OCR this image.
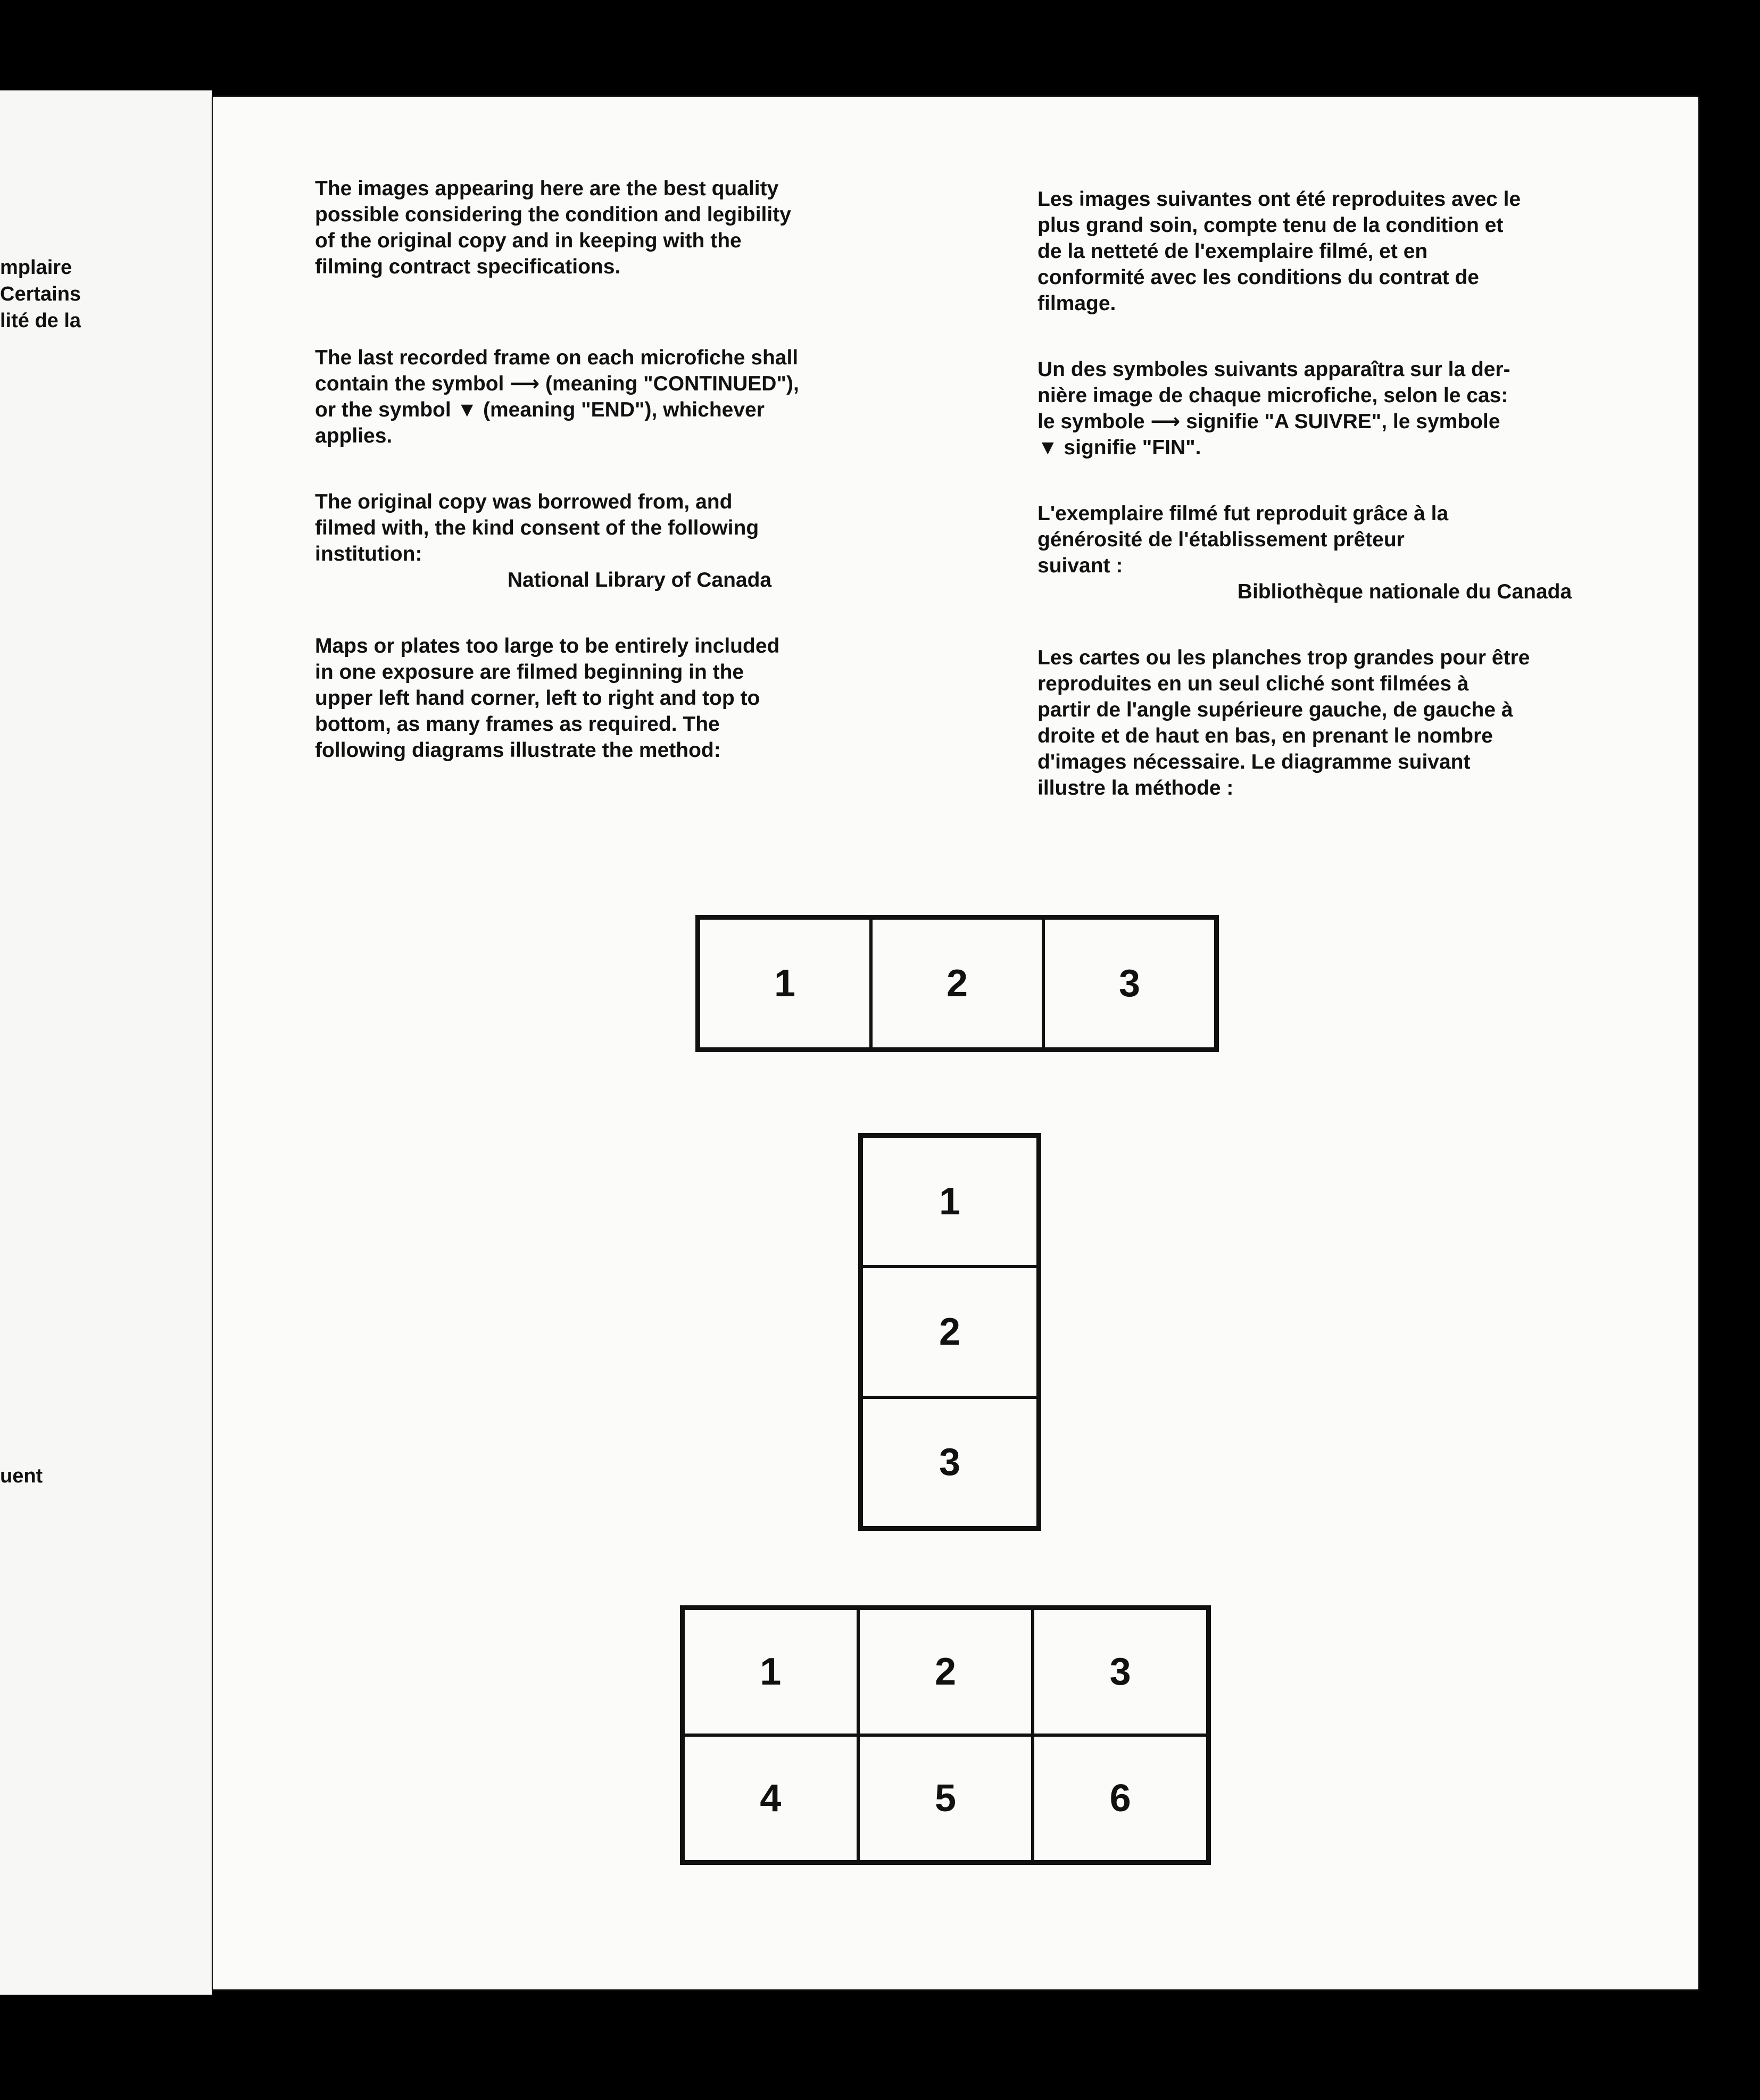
mplaire
Certains
lité de la
uent

The images appearing here are the best quality
possible considering the condition and legibility
of the original copy and in keeping with the
filming contract specifications.

The last recorded frame on each microfiche shall
contain the symbol ⟶ (meaning "CONTINUED"),
or the symbol ▼ (meaning "END"), whichever
applies.

The original copy was borrowed from, and
filmed with, the kind consent of the following
institution:

National Library of Canada

Maps or plates too large to be entirely included
in one exposure are filmed beginning in the
upper left hand corner, left to right and top to
bottom, as many frames as required. The
following diagrams illustrate the method:

Les images suivantes ont été reproduites avec le
plus grand soin, compte tenu de la condition et
de la netteté de l'exemplaire filmé, et en
conformité avec les conditions du contrat de
filmage.

Un des symboles suivants apparaîtra sur la der-
nière image de chaque microfiche, selon le cas:
le symbole ⟶ signifie "A SUIVRE", le symbole
▼ signifie "FIN".

L'exemplaire filmé fut reproduit grâce à la
générosité de l'établissement prêteur
suivant :

Bibliothèque nationale du Canada

Les cartes ou les planches trop grandes pour être
reproduites en un seul cliché sont filmées à
partir de l'angle supérieure gauche, de gauche à
droite et de haut en bas, en prenant le nombre
d'images nécessaire. Le diagramme suivant
illustre la méthode :

1	2	3
1
2
3
1	2	3
4	5	6
